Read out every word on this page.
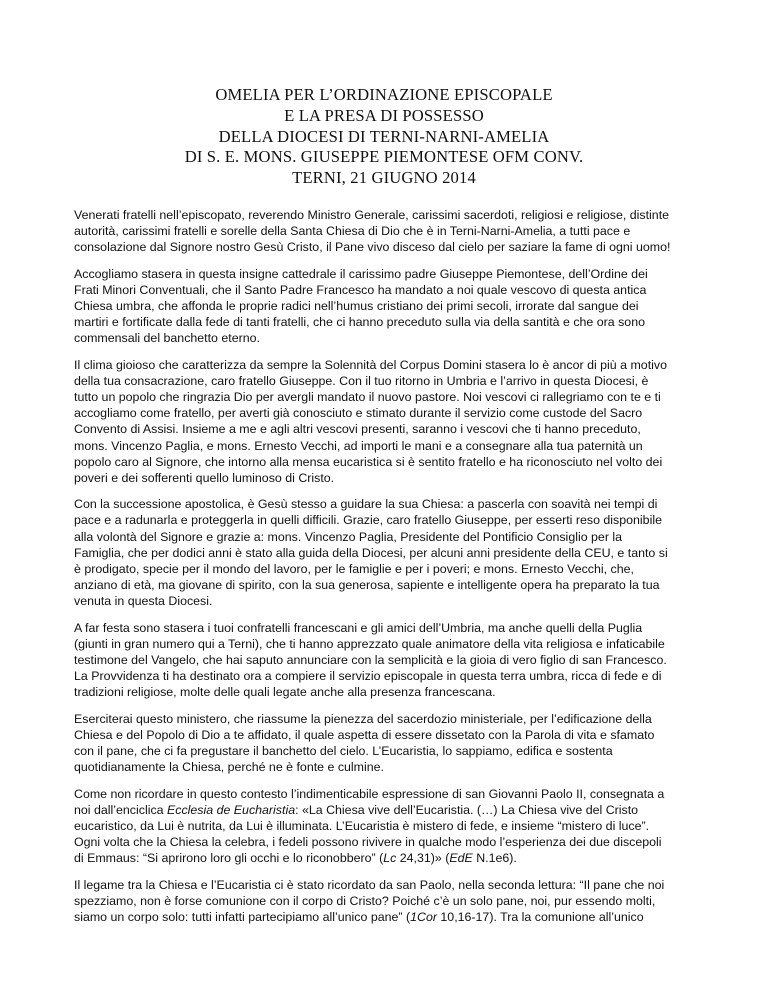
OMELIA PER L’ORDINAZIONE EPISCOPALE
E LA PRESA DI POSSESSO
DELLA DIOCESI DI TERNI-NARNI-AMELIA
DI S. E. MONS. GIUSEPPE PIEMONTESE OFM CONV.
TERNI, 21 GIUGNO 2014
Venerati fratelli nell’episcopato, reverendo Ministro Generale, carissimi sacerdoti, religiosi e religiose, distinte
autorità, carissimi fratelli e sorelle della Santa Chiesa di Dio che è in Terni-Narni-Amelia, a tutti pace e
consolazione dal Signore nostro Gesù Cristo, il Pane vivo disceso dal cielo per saziare la fame di ogni uomo!
Accogliamo stasera in questa insigne cattedrale il carissimo padre Giuseppe Piemontese, dell’Ordine dei
Frati Minori Conventuali, che il Santo Padre Francesco ha mandato a noi quale vescovo di questa antica
Chiesa umbra, che affonda le proprie radici nell’humus cristiano dei primi secoli, irrorate dal sangue dei
martiri e fortificate dalla fede di tanti fratelli, che ci hanno preceduto sulla via della santità e che ora sono
commensali del banchetto eterno.
Il clima gioioso che caratterizza da sempre la Solennità del Corpus Domini stasera lo è ancor di più a motivo
della tua consacrazione, caro fratello Giuseppe. Con il tuo ritorno in Umbria e l’arrivo in questa Diocesi, è
tutto un popolo che ringrazia Dio per avergli mandato il nuovo pastore. Noi vescovi ci rallegriamo con te e ti
accogliamo come fratello, per averti già conosciuto e stimato durante il servizio come custode del Sacro
Convento di Assisi. Insieme a me e agli altri vescovi presenti, saranno i vescovi che ti hanno preceduto,
mons. Vincenzo Paglia, e mons. Ernesto Vecchi, ad importi le mani e a consegnare alla tua paternità un
popolo caro al Signore, che intorno alla mensa eucaristica si è sentito fratello e ha riconosciuto nel volto dei
poveri e dei sofferenti quello luminoso di Cristo.
Con la successione apostolica, è Gesù stesso a guidare la sua Chiesa: a pascerla con soavità nei tempi di
pace e a radunarla e proteggerla in quelli difficili. Grazie, caro fratello Giuseppe, per esserti reso disponibile
alla volontà del Signore e grazie a: mons. Vincenzo Paglia, Presidente del Pontificio Consiglio per la
Famiglia, che per dodici anni è stato alla guida della Diocesi, per alcuni anni presidente della CEU, e tanto si
è prodigato, specie per il mondo del lavoro, per le famiglie e per i poveri; e mons. Ernesto Vecchi, che,
anziano di età, ma giovane di spirito, con la sua generosa, sapiente e intelligente opera ha preparato la tua
venuta in questa Diocesi.
A far festa sono stasera i tuoi confratelli francescani e gli amici dell’Umbria, ma anche quelli della Puglia
(giunti in gran numero qui a Terni), che ti hanno apprezzato quale animatore della vita religiosa e infaticabile
testimone del Vangelo, che hai saputo annunciare con la semplicità e la gioia di vero figlio di san Francesco.
La Provvidenza ti ha destinato ora a compiere il servizio episcopale in questa terra umbra, ricca di fede e di
tradizioni religiose, molte delle quali legate anche alla presenza francescana.
Eserciterai questo ministero, che riassume la pienezza del sacerdozio ministeriale, per l’edificazione della
Chiesa e del Popolo di Dio a te affidato, il quale aspetta di essere dissetato con la Parola di vita e sfamato
con il pane, che ci fa pregustare il banchetto del cielo. L’Eucaristia, lo sappiamo, edifica e sostenta
quotidianamente la Chiesa, perché ne è fonte e culmine.
Come non ricordare in questo contesto l’indimenticabile espressione di san Giovanni Paolo II, consegnata a
noi dall’enciclica Ecclesia de Eucharistia: «La Chiesa vive dell’Eucaristia. (…) La Chiesa vive del Cristo
eucaristico, da Lui è nutrita, da Lui è illuminata. L’Eucaristia è mistero di fede, e insieme “mistero di luce”.
Ogni volta che la Chiesa la celebra, i fedeli possono rivivere in qualche modo l’esperienza dei due discepoli
di Emmaus: “Si aprirono loro gli occhi e lo riconobbero” (Lc 24,31)» (EdE N.1e6).
Il legame tra la Chiesa e l’Eucaristia ci è stato ricordato da san Paolo, nella seconda lettura: “Il pane che noi
spezziamo, non è forse comunione con il corpo di Cristo? Poiché c’è un solo pane, noi, pur essendo molti,
siamo un corpo solo: tutti infatti partecipiamo all’unico pane” (1Cor 10,16-17). Tra la comunione all’unico
